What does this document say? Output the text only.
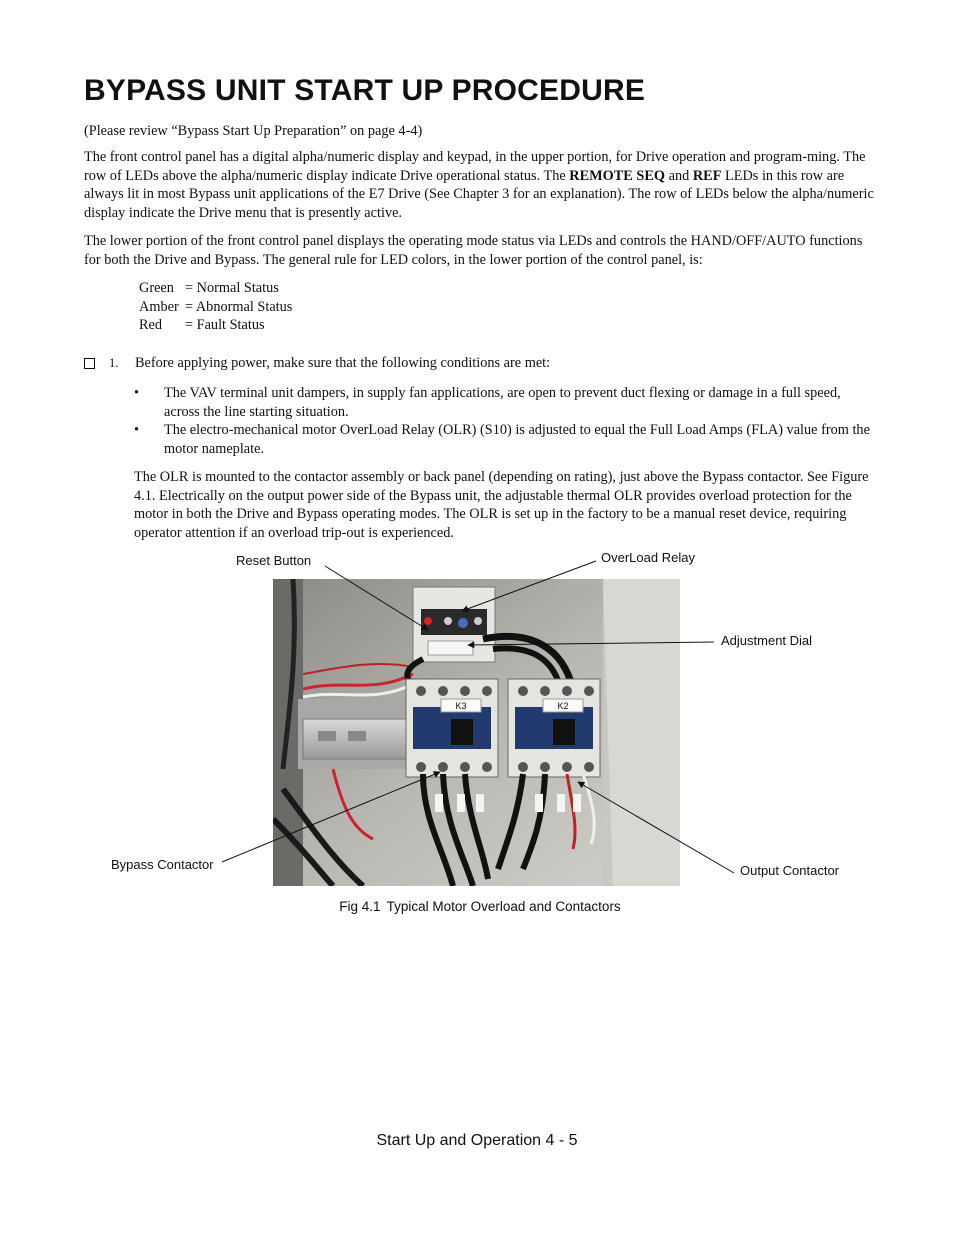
BYPASS UNIT START UP PROCEDURE

(Please review “Bypass Start Up Preparation” on page 4-4)

The front control panel has a digital alpha/numeric display and keypad, in the upper portion, for Drive operation and program-ming. The row of LEDs above the alpha/numeric display indicate Drive operational status. The REMOTE SEQ and REF LEDs in this row are always lit in most Bypass unit applications of the E7 Drive (See Chapter 3 for an explanation). The row of LEDs below the alpha/numeric display indicate the Drive menu that is presently active.

The lower portion of the front control panel displays the operating mode status via LEDs and controls the HAND/OFF/AUTO functions for both the Drive and Bypass. The general rule for LED colors, in the lower portion of the control panel, is:

Green = Normal Status
Amber = Abnormal Status
Red	= Fault Status
1.	Before applying power, make sure that the following conditions are met:
•	The VAV terminal unit dampers, in supply fan applications, are open to prevent duct flexing or damage in a full speed, across the line starting situation.
•	The electro-mechanical motor OverLoad Relay (OLR) (S10) is adjusted to equal the Full Load Amps (FLA) value from the motor nameplate.

The OLR is mounted to the contactor assembly or back panel (depending on rating), just above the Bypass contactor. See Figure 4.1. Electrically on the output power side of the Bypass unit, the adjustable thermal OLR provides overload protection for the motor in both the Drive and Bypass operating modes. The OLR is set up in the factory to be a manual reset device, requiring operator attention if an overload trip-out is experienced.

K3	K2
Reset Button	OverLoad Relay
Adjustment Dial
Bypass Contactor	Output Contactor
Fig 4.1 Typical Motor Overload and Contactors
Start Up and Operation 4 - 5
